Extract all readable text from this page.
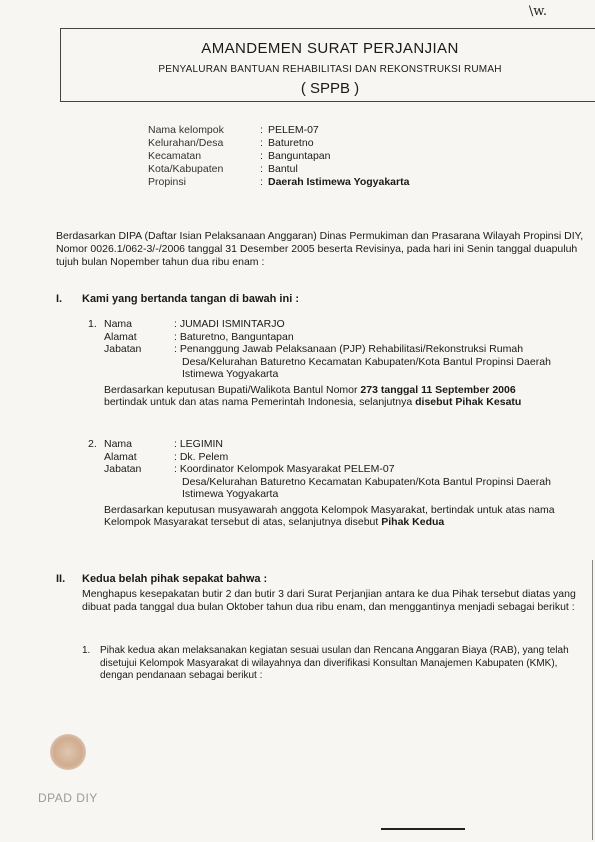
\w.
AMANDEMEN SURAT PERJANJIAN
PENYALURAN BANTUAN REHABILITASI DAN REKONSTRUKSI RUMAH
( SPPB )
Nama kelompok	: PELEM-07
Kelurahan/Desa	: Baturetno
Kecamatan	: Banguntapan
Kota/Kabupaten	: Bantul
Propinsi	: Daerah Istimewa Yogyakarta
Berdasarkan DIPA (Daftar Isian Pelaksanaan Anggaran) Dinas Permukiman dan Prasarana Wilayah Propinsi DIY, Nomor 0026.1/062-3/-/2006 tanggal 31 Desember 2005 beserta Revisinya, pada hari ini Senin tanggal duapuluh tujuh bulan Nopember tahun dua ribu enam :
I. Kami yang bertanda tangan di bawah ini :
1. Nama	: JUMADI ISMINTARJO
Alamat	: Baturetno, Banguntapan
Jabatan	: Penanggung Jawab Pelaksanaan (PJP) Rehabilitasi/Rekonstruksi Rumah
Desa/Kelurahan Baturetno Kecamatan Kabupaten/Kota Bantul Propinsi Daerah Istimewa Yogyakarta
Berdasarkan keputusan Bupati/Walikota Bantul Nomor 273 tanggal 11 September 2006
bertindak untuk dan atas nama Pemerintah Indonesia, selanjutnya disebut Pihak Kesatu
2. Nama	: LEGIMIN
Alamat	: Dk. Pelem
Jabatan	: Koordinator Kelompok Masyarakat PELEM-07
Desa/Kelurahan Baturetno Kecamatan Kabupaten/Kota Bantul Propinsi Daerah Istimewa Yogyakarta
Berdasarkan keputusan musyawarah anggota Kelompok Masyarakat, bertindak untuk atas nama Kelompok Masyarakat tersebut di atas, selanjutnya disebut Pihak Kedua
II. Kedua belah pihak sepakat bahwa :
Menghapus kesepakatan butir 2 dan butir 3 dari Surat Perjanjian antara ke dua Pihak tersebut diatas yang dibuat pada tanggal dua bulan Oktober tahun dua ribu enam, dan menggantinya menjadi sebagai berikut :
1. Pihak kedua akan melaksanakan kegiatan sesuai usulan dan Rencana Anggaran Biaya (RAB), yang telah disetujui Kelompok Masyarakat di wilayahnya dan diverifikasi Konsultan Manajemen Kabupaten (KMK), dengan pendanaan sebagai berikut :
DPAD DIY
